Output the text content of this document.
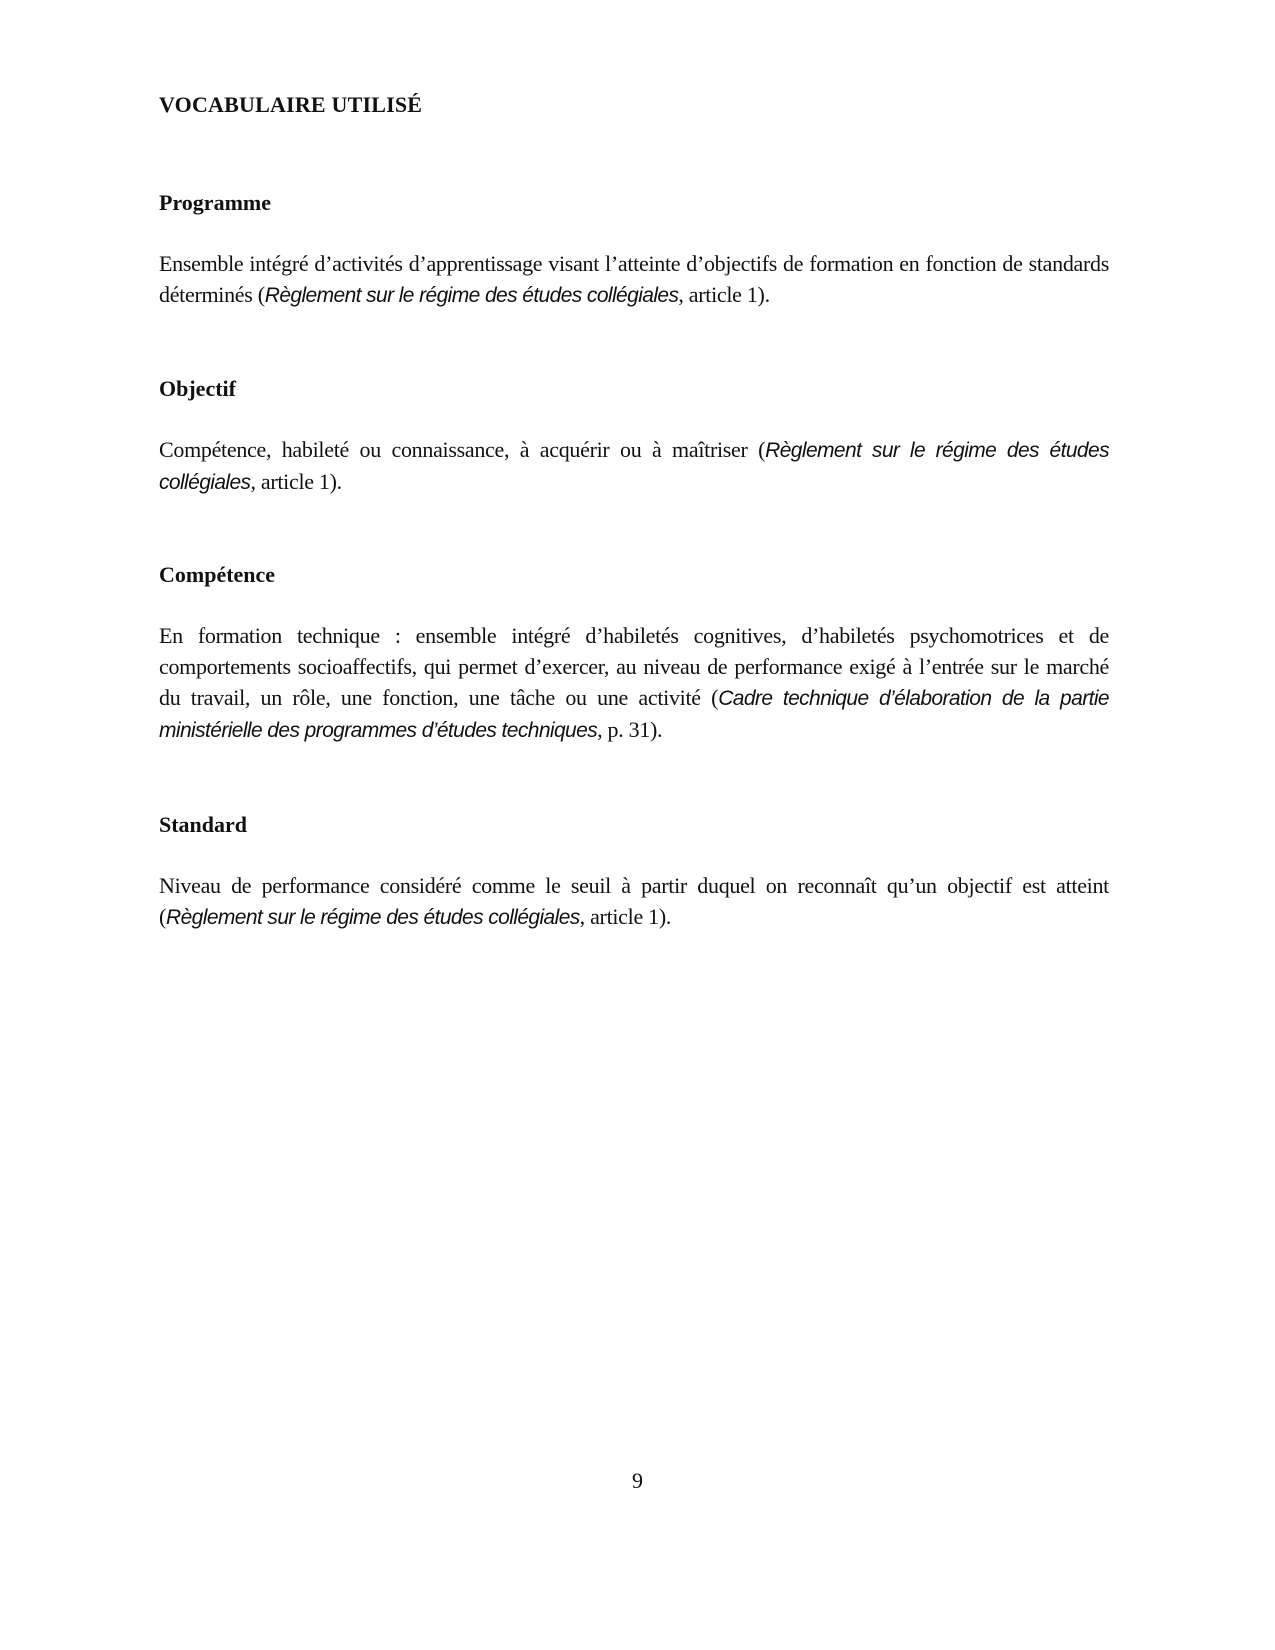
VOCABULAIRE UTILISÉ
Programme

Ensemble intégré d’activités d’apprentissage visant l’atteinte d’objectifs de formation en fonction de standards déterminés (Règlement sur le régime des études collégiales, article 1).

Objectif

Compétence, habileté ou connaissance, à acquérir ou à maîtriser (Règlement sur le régime des études collégiales, article 1).

Compétence

En formation technique : ensemble intégré d’habiletés cognitives, d’habiletés psychomotrices et de comportements socioaffectifs, qui permet d’exercer, au niveau de performance exigé à l’entrée sur le marché du travail, un rôle, une fonction, une tâche ou une activité (Cadre technique d’élaboration de la partie ministérielle des programmes d’études techniques, p. 31).

Standard

Niveau de performance considéré comme le seuil à partir duquel on reconnaît qu’un objectif est atteint (Règlement sur le régime des études collégiales, article 1).

9
